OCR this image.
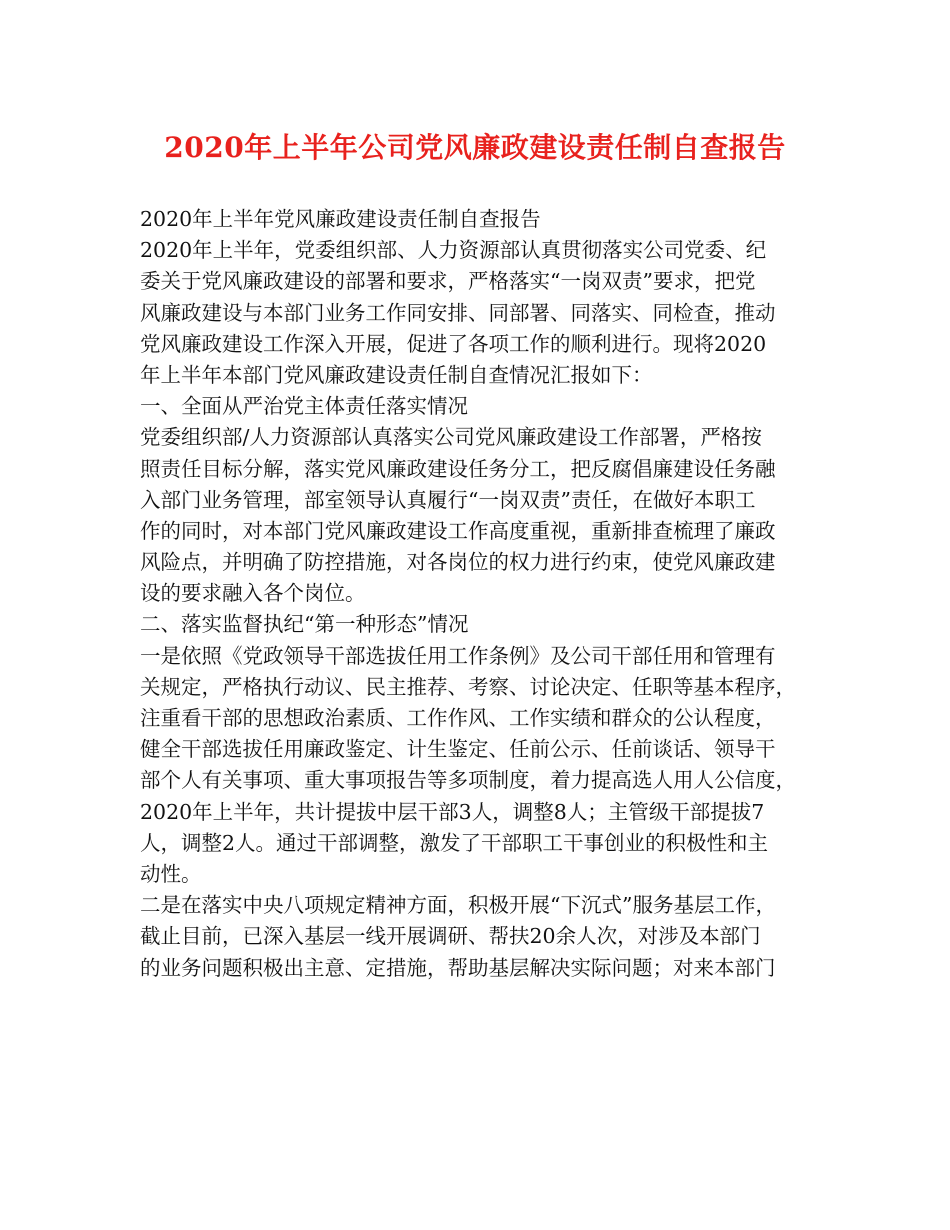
2020年上半年公司党风廉政建设责任制自查报告
2020年上半年党风廉政建设责任制自查报告
2020年上半年，党委组织部、人力资源部认真贯彻落实公司党委、纪
委关于党风廉政建设的部署和要求，严格落实“一岗双责”要求，把党
风廉政建设与本部门业务工作同安排、同部署、同落实、同检查，推动
党风廉政建设工作深入开展，促进了各项工作的顺利进行。现将2020
年上半年本部门党风廉政建设责任制自查情况汇报如下：
一、全面从严治党主体责任落实情况
党委组织部/人力资源部认真落实公司党风廉政建设工作部署，严格按
照责任目标分解，落实党风廉政建设任务分工，把反腐倡廉建设任务融
入部门业务管理，部室领导认真履行“一岗双责”责任，在做好本职工
作的同时，对本部门党风廉政建设工作高度重视，重新排查梳理了廉政
风险点，并明确了防控措施，对各岗位的权力进行约束，使党风廉政建
设的要求融入各个岗位。
二、落实监督执纪“第一种形态”情况
一是依照《党政领导干部选拔任用工作条例》及公司干部任用和管理有
关规定，严格执行动议、民主推荐、考察、讨论决定、任职等基本程序，
注重看干部的思想政治素质、工作作风、工作实绩和群众的公认程度，
健全干部选拔任用廉政鉴定、计生鉴定、任前公示、任前谈话、领导干
部个人有关事项、重大事项报告等多项制度，着力提高选人用人公信度，
2020年上半年，共计提拔中层干部3人，调整8人；主管级干部提拔7
人，调整2人。通过干部调整，激发了干部职工干事创业的积极性和主
动性。
二是在落实中央八项规定精神方面，积极开展“下沉式”服务基层工作，
截止目前，已深入基层一线开展调研、帮扶20余人次，对涉及本部门
的业务问题积极出主意、定措施，帮助基层解决实际问题；对来本部门
